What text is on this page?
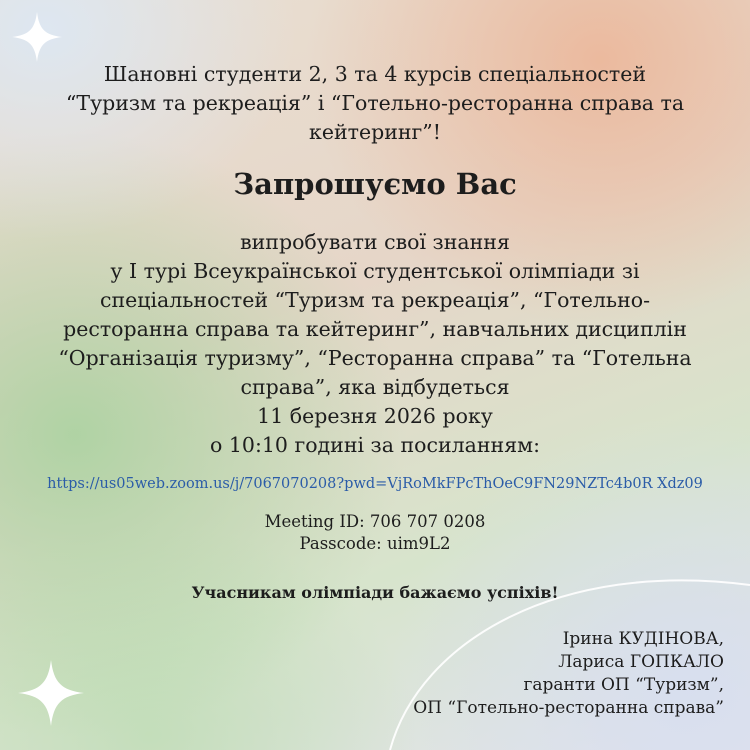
Шановні студенти 2, 3 та 4 курсів спеціальностей
“Туризм та рекреація” і “Готельно-ресторанна справа та
кейтеринг”!
Запрошуємо Вас
випробувати свої знання
у І турі Всеукраїнської студентської олімпіади зі
спеціальностей “Туризм та рекреація”, “Готельно-
ресторанна справа та кейтеринг”, навчальних дисциплін
“Організація туризму”, “Ресторанна справа” та “Готельна
справа”, яка відбудеться
11 березня 2026 року
о 10:10 годині за посиланням:
https://us05web.zoom.us/j/7067070208?pwd=VjRoMkFPcThOeC9FN29NZTc4b0R Xdz09
Meeting ID: 706 707 0208
Passcode: uim9L2
Учасникам олімпіади бажаємо успіхів!
Ірина КУДІНОВА,
Лариса ГОПКАЛО
гаранти ОП “Туризм”,
ОП “Готельно-ресторанна справа”
